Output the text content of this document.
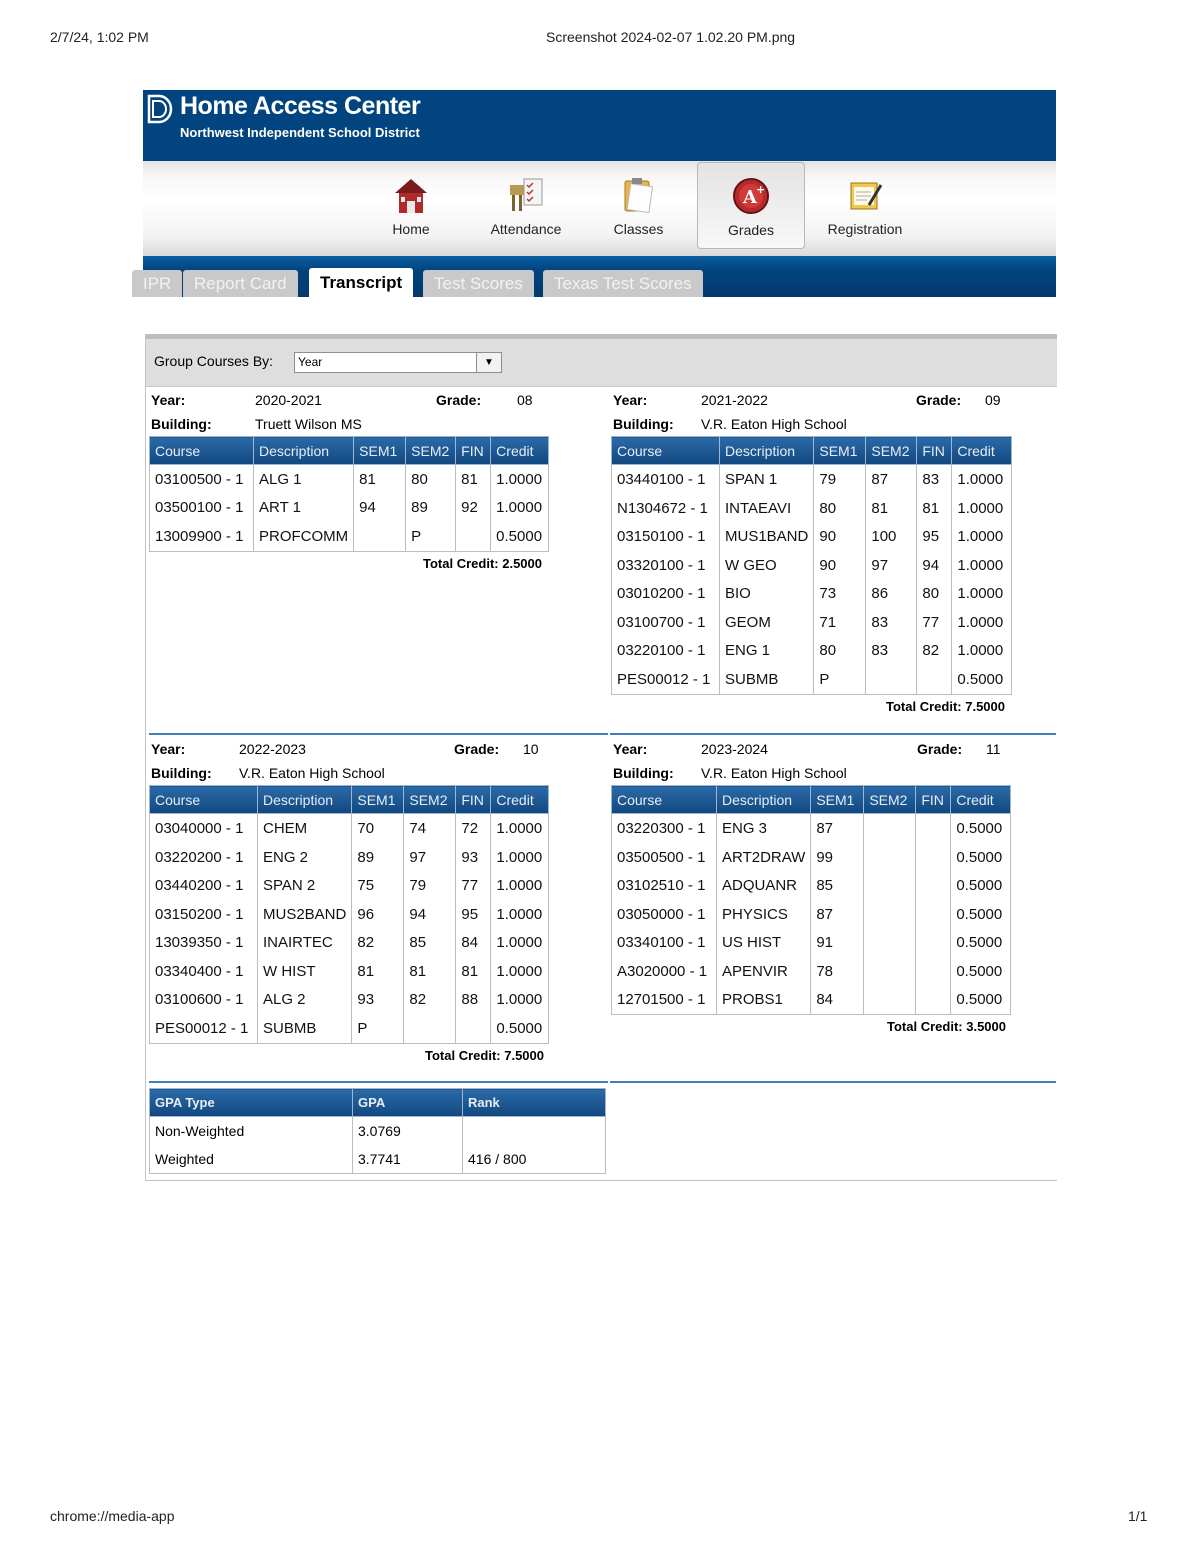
2/7/24, 1:02 PM	Screenshot 2024-02-07 1.02.20 PM.png
chrome://media-app	1/1
Home Access Center
Northwest Independent School District
Home	Attendance	Classes
A +
Grades	Registration
IPR	Report Card	Transcript	Test Scores	Texas Test Scores
Group Courses By: Year	▼
Year:	2020-2021	Grade:	08
Building:	Truett Wilson MS
Course	Description	SEM1	SEM2	FIN	Credit
03100500 - 1	ALG 1	81	80	81	1.0000
03500100 - 1	ART 1	94	89	92	1.0000
13009900 - 1	PROFCOMM		P		0.5000
Total Credit: 2.5000
Year:	2021-2022	Grade: 09
Building: V.R. Eaton High School
Course	Description	SEM1	SEM2	FIN	Credit
03440100 - 1	SPAN 1	79	87	83	1.0000
N1304672 - 1	INTAEAVI	80	81	81	1.0000
03150100 - 1	MUS1BAND	90	100	95	1.0000
03320100 - 1	W GEO	90	97	94	1.0000
03010200 - 1	BIO	73	86	80	1.0000
03100700 - 1	GEOM	71	83	77	1.0000
03220100 - 1	ENG 1	80	83	82	1.0000
PES00012 - 1	SUBMB	P			0.5000
Total Credit: 7.5000
Year:	2022-2023	Grade: 10
Building: V.R. Eaton High School
Course	Description	SEM1	SEM2	FIN	Credit
03040000 - 1	CHEM	70	74	72	1.0000
03220200 - 1	ENG 2	89	97	93	1.0000
03440200 - 1	SPAN 2	75	79	77	1.0000
03150200 - 1	MUS2BAND	96	94	95	1.0000
13039350 - 1	INAIRTEC	82	85	84	1.0000
03340400 - 1	W HIST	81	81	81	1.0000
03100600 - 1	ALG 2	93	82	88	1.0000
PES00012 - 1	SUBMB	P			0.5000
Total Credit: 7.5000
Year:	2023-2024	Grade: 11
Building: V.R. Eaton High School
Course	Description	SEM1	SEM2	FIN	Credit
03220300 - 1	ENG 3	87			0.5000
03500500 - 1	ART2DRAW	99			0.5000
03102510 - 1	ADQUANR	85			0.5000
03050000 - 1	PHYSICS	87			0.5000
03340100 - 1	US HIST	91			0.5000
A3020000 - 1	APENVIR	78			0.5000
12701500 - 1	PROBS1	84			0.5000
Total Credit: 3.5000
GPA Type	GPA	Rank
Non-Weighted	3.0769	
Weighted	3.7741	416 / 800
